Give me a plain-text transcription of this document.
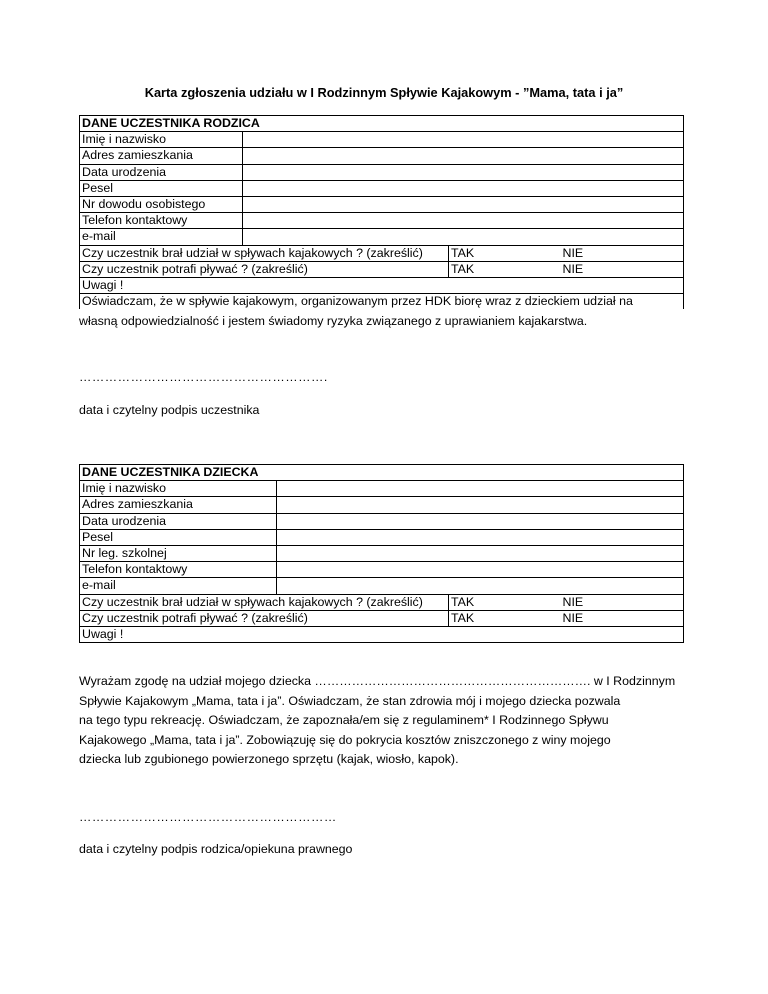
Karta zgłoszenia udziału w I Rodzinnym Spływie Kajakowym - ”Mama, tata i ja”
DANE UCZESTNIKA RODZICA			
Imię i nazwisko			
Adres zamieszkania			
Data urodzenia			
Pesel			
Nr dowodu osobistego			
Telefon kontaktowy			
e-mail			
Czy uczestnik brał udział w spływach kajakowych ? (zakreślić)		TAK	NIE
Czy uczestnik potrafi pływać ? (zakreślić)		TAK	NIE
Uwagi !			
Oświadczam, że w spływie kajakowym, organizowanym przez HDK biorę wraz z dzieckiem udział na			
własną odpowiedzialność i jestem świadomy ryzyka związanego z uprawianiem kajakarstwa.
………………………………………………….
data i czytelny podpis uczestnika
DANE UCZESTNIKA DZIECKA			
Imię i nazwisko			
Adres zamieszkania			
Data urodzenia			
Pesel			
Nr leg. szkolnej			
Telefon kontaktowy			
e-mail			
Czy uczestnik brał udział w spływach kajakowych ? (zakreślić)		TAK	NIE
Czy uczestnik potrafi pływać ? (zakreślić)		TAK	NIE
Uwagi !			
Wyrażam zgodę na udział mojego dziecka …………………………………………………………. w I Rodzinnym
Spływie Kajakowym „Mama, tata i ja”. Oświadczam, że stan zdrowia mój i mojego dziecka pozwala
na tego typu rekreację. Oświadczam, że zapoznała/em się z regulaminem* I Rodzinnego Spływu
Kajakowego „Mama, tata i ja”. Zobowiązuję się do pokrycia kosztów zniszczonego z winy mojego
dziecka lub zgubionego powierzonego sprzętu (kajak, wiosło, kapok).
……………………………………………………
data i czytelny podpis rodzica/opiekuna prawnego
